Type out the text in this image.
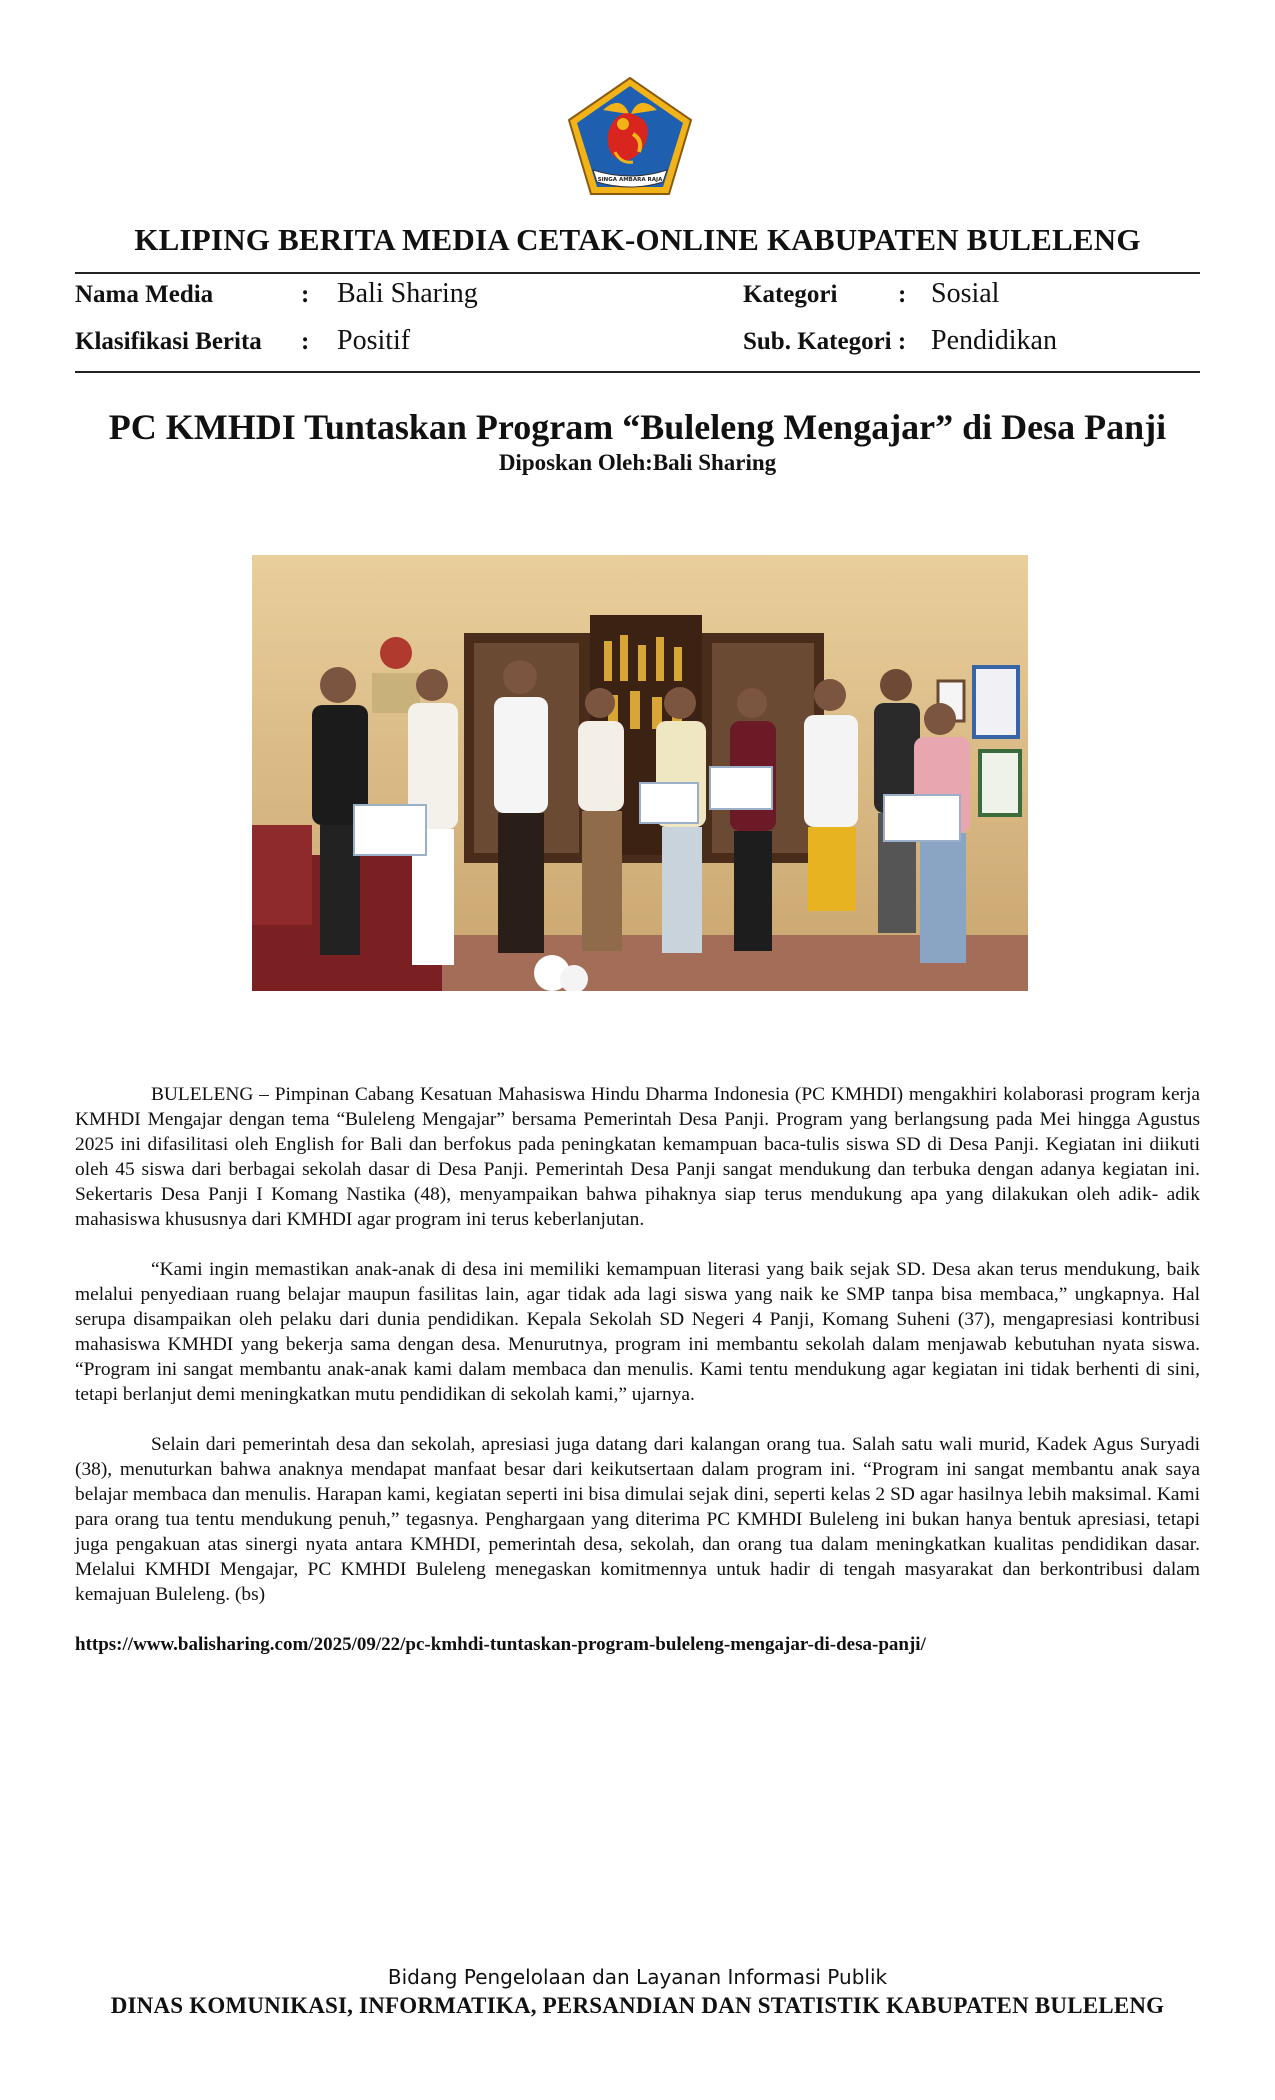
SINGA AMBARA RAJA
KLIPING BERITA MEDIA CETAK-ONLINE KABUPATEN BULELENG
Nama Media	: Bali Sharing
Klasifikasi Berita : Positif
Kategori : Sosial
Sub. Kategori : Pendidikan
PC KMHDI Tuntaskan Program “Buleleng Mengajar” di Desa Panji
Diposkan Oleh:Bali Sharing

BULELENG – Pimpinan Cabang Kesatuan Mahasiswa Hindu Dharma Indonesia (PC KMHDI) mengakhiri kolaborasi program kerja KMHDI Mengajar dengan tema “Buleleng Mengajar” bersama Pemerintah Desa Panji. Program yang berlangsung pada Mei hingga Agustus 2025 ini difasilitasi oleh English for Bali dan berfokus pada peningkatan kemampuan baca-tulis siswa SD di Desa Panji. Kegiatan ini diikuti oleh 45 siswa dari berbagai sekolah dasar di Desa Panji. Pemerintah Desa Panji sangat mendukung dan terbuka dengan adanya kegiatan ini. Sekertaris Desa Panji I Komang Nastika (48), menyampaikan bahwa pihaknya siap terus mendukung apa yang dilakukan oleh adik- adik mahasiswa khususnya dari KMHDI agar program ini terus keberlanjutan.

“Kami ingin memastikan anak-anak di desa ini memiliki kemampuan literasi yang baik sejak SD. Desa akan terus mendukung, baik melalui penyediaan ruang belajar maupun fasilitas lain, agar tidak ada lagi siswa yang naik ke SMP tanpa bisa membaca,” ungkapnya. Hal serupa disampaikan oleh pelaku dari dunia pendidikan. Kepala Sekolah SD Negeri 4 Panji, Komang Suheni (37), mengapresiasi kontribusi mahasiswa KMHDI yang bekerja sama dengan desa. Menurutnya, program ini membantu sekolah dalam menjawab kebutuhan nyata siswa. “Program ini sangat membantu anak-anak kami dalam membaca dan menulis. Kami tentu mendukung agar kegiatan ini tidak berhenti di sini, tetapi berlanjut demi meningkatkan mutu pendidikan di sekolah kami,” ujarnya.

Selain dari pemerintah desa dan sekolah, apresiasi juga datang dari kalangan orang tua. Salah satu wali murid, Kadek Agus Suryadi (38), menuturkan bahwa anaknya mendapat manfaat besar dari keikutsertaan dalam program ini. “Program ini sangat membantu anak saya belajar membaca dan menulis. Harapan kami, kegiatan seperti ini bisa dimulai sejak dini, seperti kelas 2 SD agar hasilnya lebih maksimal. Kami para orang tua tentu mendukung penuh,” tegasnya. Penghargaan yang diterima PC KMHDI Buleleng ini bukan hanya bentuk apresiasi, tetapi juga pengakuan atas sinergi nyata antara KMHDI, pemerintah desa, sekolah, dan orang tua dalam meningkatkan kualitas pendidikan dasar. Melalui KMHDI Mengajar, PC KMHDI Buleleng menegaskan komitmennya untuk hadir di tengah masyarakat dan berkontribusi dalam kemajuan Buleleng. (bs)

https://www.balisharing.com/2025/09/22/pc-kmhdi-tuntaskan-program-buleleng-mengajar-di-desa-panji/
Bidang Pengelolaan dan Layanan Informasi Publik
DINAS KOMUNIKASI, INFORMATIKA, PERSANDIAN DAN STATISTIK KABUPATEN BULELENG
